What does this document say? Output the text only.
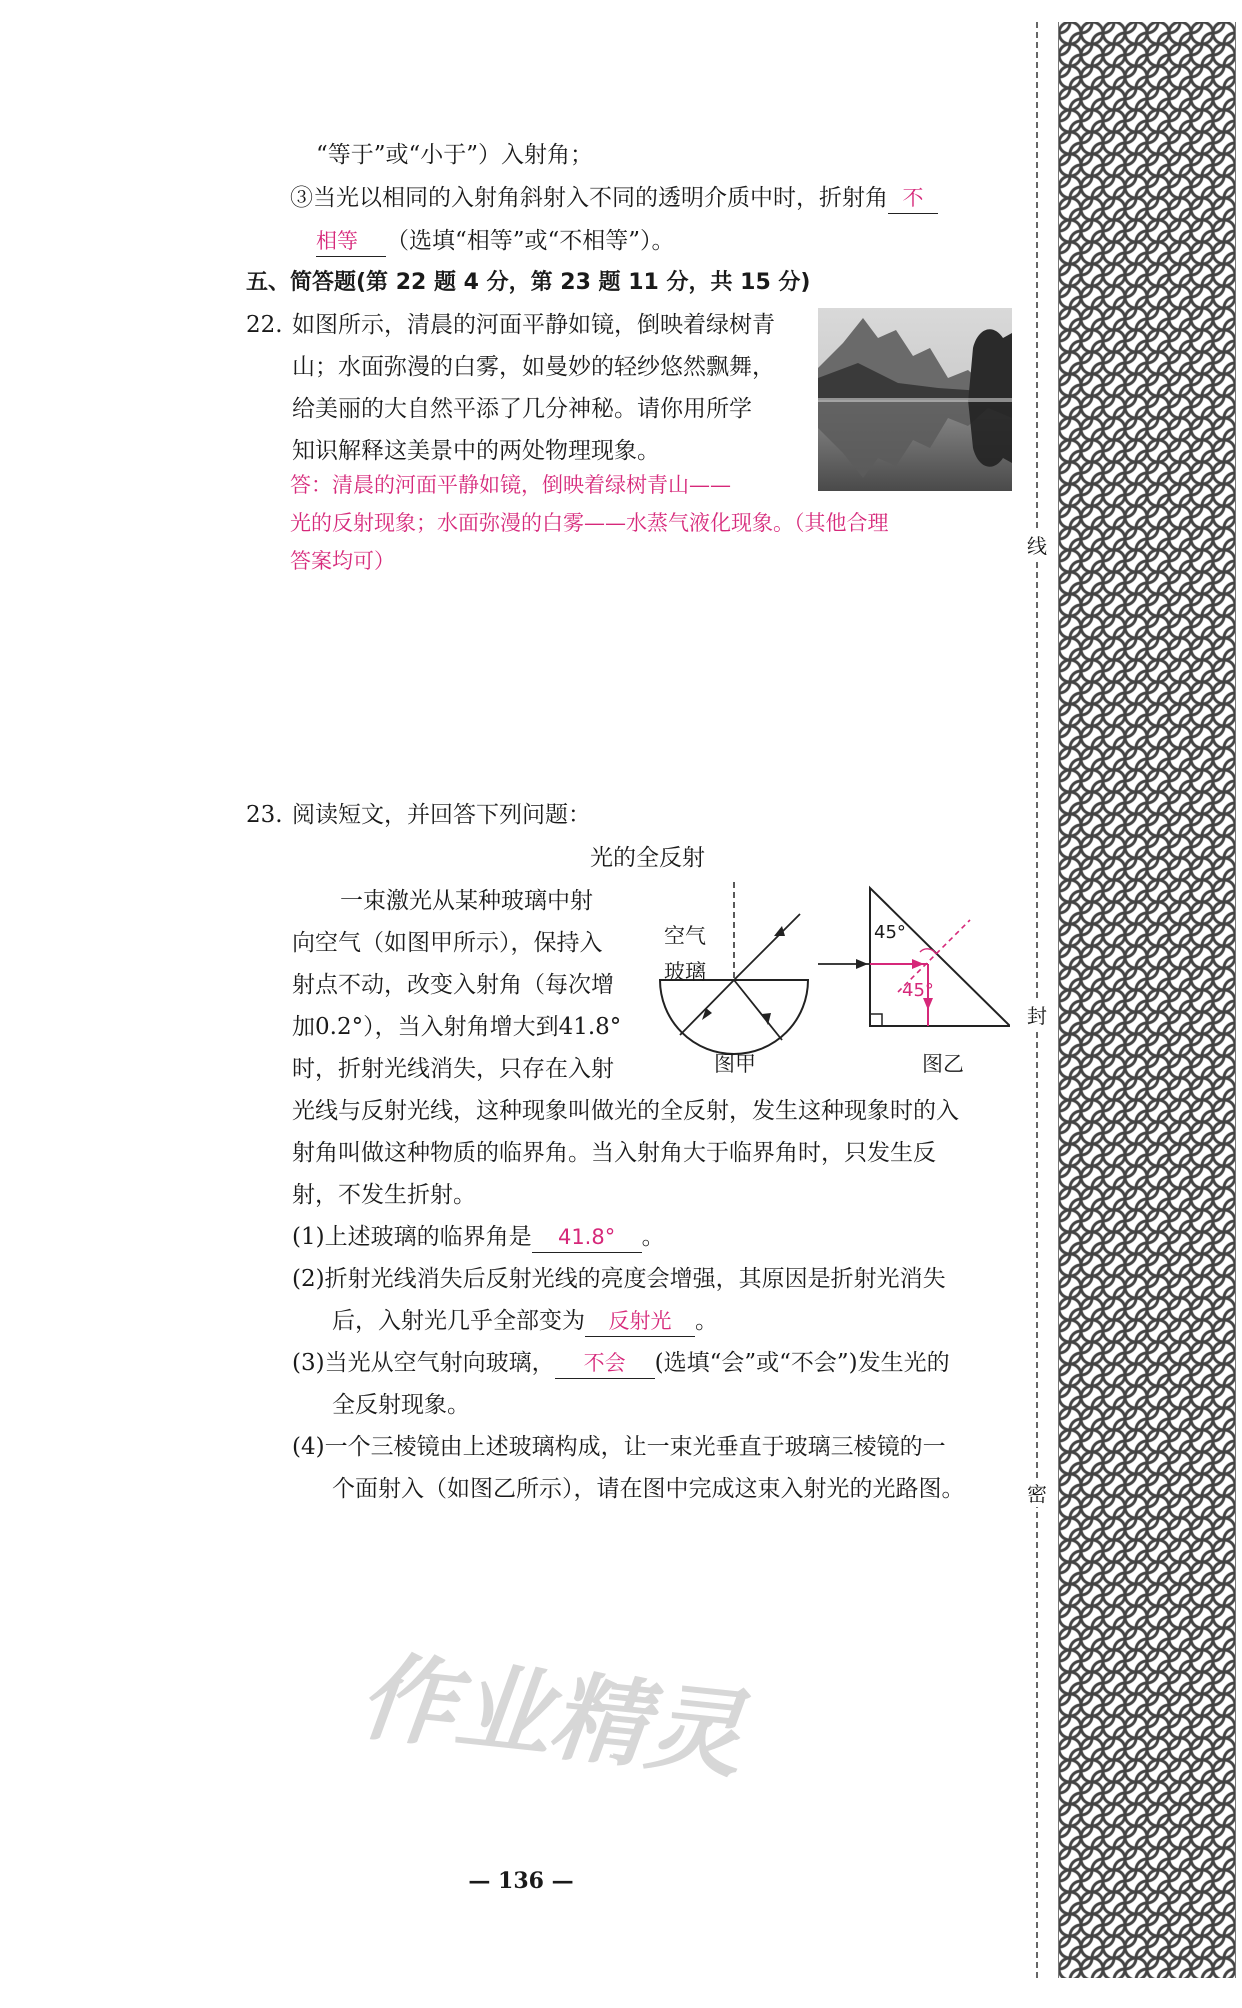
“等于”或“小于”）入射角；
③当光以相同的入射角斜射入不同的透明介质中时，折射角 不
相等 （选填“相等”或“不相等”）。
五、简答题(第 22 题 4 分，第 23 题 11 分，共 15 分)
22. 如图所示，清晨的河面平静如镜，倒映着绿树青
山；水面弥漫的白雾，如曼妙的轻纱悠然飘舞，
给美丽的大自然平添了几分神秘。请你用所学
知识解释这美景中的两处物理现象。
答：清晨的河面平静如镜，倒映着绿树青山——
光的反射现象；水面弥漫的白雾——水蒸气液化现象。（其他合理
答案均可）
23. 阅读短文，并回答下列问题：
光的全反射
一束激光从某种玻璃中射
向空气（如图甲所示），保持入
射点不动，改变入射角（每次增
加0.2°），当入射角增大到41.8°
时，折射光线消失，只存在入射
光线与反射光线，这种现象叫做光的全反射，发生这种现象时的入
射角叫做这种物质的临界角。当入射角大于临界角时，只发生反
射，不发生折射。
空气
玻璃
图甲
45°
45°
图乙
(1)上述玻璃的临界角是 41.8° 。
(2)折射光线消失后反射光线的亮度会增强，其原因是折射光消失
后，入射光几乎全部变为 反射光 。
(3)当光从空气射向玻璃， 不会 (选填“会”或“不会”)发生光的
全反射现象。
(4)一个三棱镜由上述玻璃构成，让一束光垂直于玻璃三棱镜的一
个面射入（如图乙所示），请在图中完成这束入射光的光路图。
作业精灵
— 136 —
线
封
密
